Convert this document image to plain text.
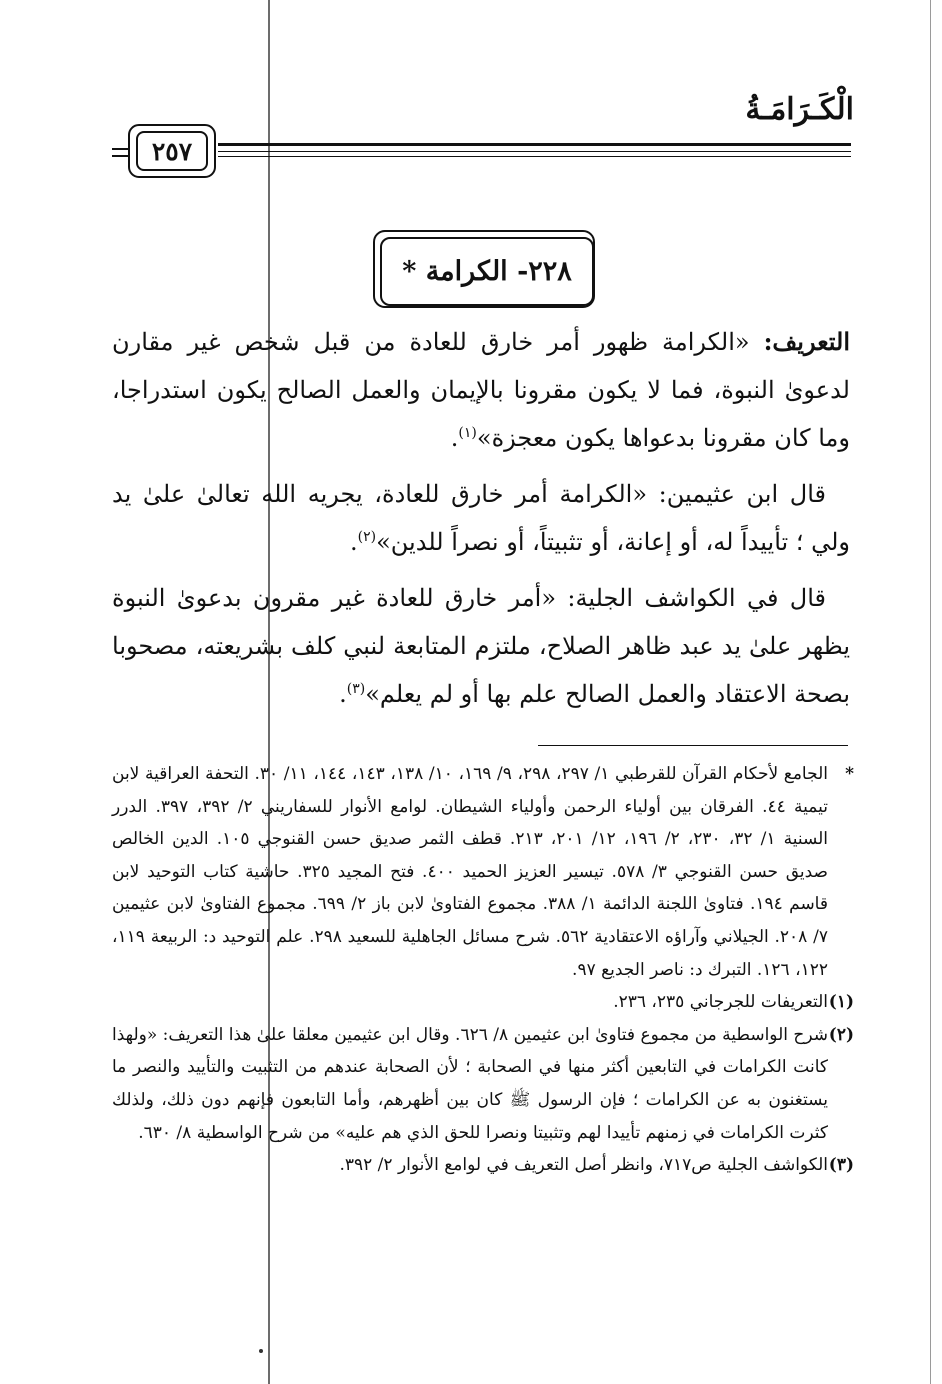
الْكَـرَامَـةُ
٢٥٧
٢٢٨- الكرامة *

التعريف: «الكرامة ظهور أمر خارق للعادة من قبل شخص غير مقارن لدعوىٰ النبوة، فما لا يكون مقرونا بالإيمان والعمل الصالح يكون استدراجا، وما كان مقرونا بدعواها يكون معجزة»$^{(١)}$.

 قال ابن عثيمين: «الكرامة أمر خارق للعادة، يجريه الله تعالىٰ علىٰ يد ولي ؛ تأييداً له، أو إعانة، أو تثبيتاً، أو نصراً للدين»$^{(٢)}$.

 قال في الكواشف الجلية: «أمر خارق للعادة غير مقرون بدعوىٰ النبوة يظهر علىٰ يد عبد ظاهر الصلاح، ملتزم المتابعة لنبي كلف بشريعته، مصحوبا بصحة الاعتقاد والعمل الصالح علم بها أو لم يعلم»$^{(٣)}$.

*
الجامع لأحكام القرآن للقرطبي ١/ ٢٩٧، ٢٩٨، ٩/ ١٦٩، ١٠/ ١٣٨، ١٤٣، ١٤٤، ١١/ ٣٠. التحفة العراقية لابن تيمية ٤٤. الفرقان بين أولياء الرحمن وأولياء الشيطان. لوامع الأنوار للسفاريني ٢/ ٣٩٢، ٣٩٧. الدرر السنية ١/ ٣٢، ٢٣٠، ٢/ ١٩٦، ١٢/ ٢٠١، ٢١٣. قطف الثمر صديق حسن القنوجي ١٠٥. الدين الخالص صديق حسن القنوجي ٣/ ٥٧٨. تيسير العزيز الحميد ٤٠٠. فتح المجيد ٣٢٥. حاشية كتاب التوحيد لابن قاسم ١٩٤. فتاوىٰ اللجنة الدائمة ١/ ٣٨٨. مجموع الفتاوىٰ لابن باز ٢/ ٦٩٩. مجموع الفتاوىٰ لابن عثيمين ٧/ ٢٠٨. الجيلاني وآراؤه الاعتقادية ٥٦٢. شرح مسائل الجاهلية للسعيد ٢٩٨. علم التوحيد د: الربيعة ١١٩، ١٢٢، ١٢٦. التبرك د: ناصر الجديع ٩٧.
(١)
التعريفات للجرجاني ٢٣٥، ٢٣٦.
(٢)
شرح الواسطية من مجموع فتاوىٰ ابن عثيمين ٨/ ٦٢٦. وقال ابن عثيمين معلقا علىٰ هذا التعريف: «ولهذا كانت الكرامات في التابعين أكثر منها في الصحابة ؛ لأن الصحابة عندهم من التثبيت والتأييد والنصر ما يستغنون به عن الكرامات ؛ فإن الرسول ﷺ كان بين أظهرهم، وأما التابعون فإنهم دون ذلك، ولذلك كثرت الكرامات في زمنهم تأييدا لهم وتثبيتا ونصرا للحق الذي هم عليه» من شرح الواسطية ٨/ ٦٣٠.
(٣)
الكواشف الجلية ص٧١٧، وانظر أصل التعريف في لوامع الأنوار ٢/ ٣٩٢.
